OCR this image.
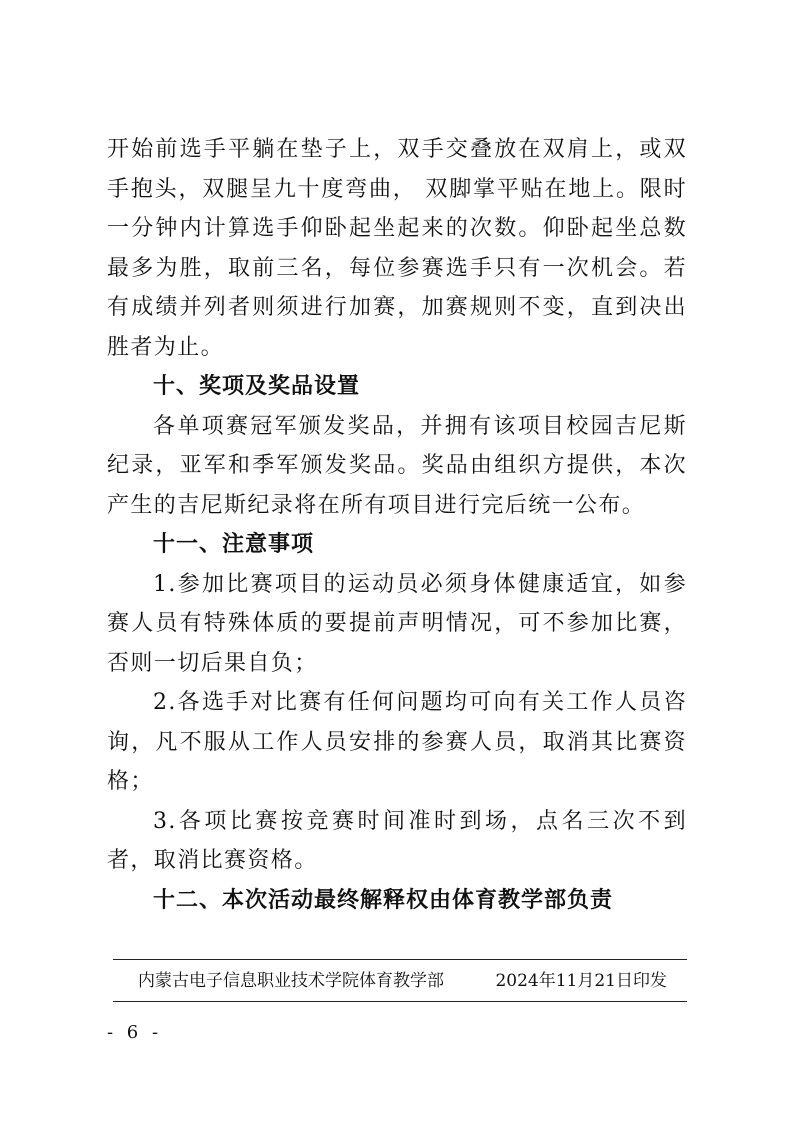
开始前选手平躺在垫子上，双手交叠放在双肩上，或双手抱头，双腿呈九十度弯曲， 双脚掌平贴在地上。限时一分钟内计算选手仰卧起坐起来的次数。仰卧起坐总数最多为胜，取前三名，每位参赛选手只有一次机会。若有成绩并列者则须进行加赛，加赛规则不变，直到决出胜者为止。

十、奖项及奖品设置

各单项赛冠军颁发奖品，并拥有该项目校园吉尼斯纪录，亚军和季军颁发奖品。奖品由组织方提供，本次产生的吉尼斯纪录将在所有项目进行完后统一公布。

十一、注意事项

1.参加比赛项目的运动员必须身体健康适宜，如参赛人员有特殊体质的要提前声明情况，可不参加比赛，否则一切后果自负；

2.各选手对比赛有任何问题均可向有关工作人员咨询，凡不服从工作人员安排的参赛人员，取消其比赛资格；

3.各项比赛按竞赛时间准时到场，点名三次不到者，取消比赛资格。

十二、本次活动最终解释权由体育教学部负责

内蒙古电子信息职业技术学院体育教学部	2024年11月21日印发
- 6 -
